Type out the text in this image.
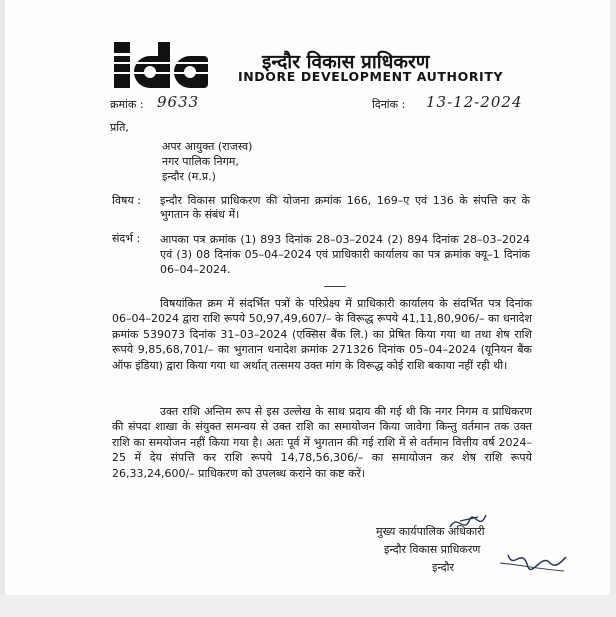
इन्दौर विकास प्राधिकरण
INDORE DEVELOPMENT AUTHORITY
क्रमांक : 9633	दिनांक : 13-12-2024
प्रति,
अपर आयुक्त (राजस्व)
नगर पालिक निगम,
इन्दौर (म.प्र.)
विषय : इन्दौर विकास प्राधिकरण की योजना क्रमांक 166, 169–ए एवं 136 के संपत्ति कर के भुगतान के संबंध में।
संदर्भ : आपका पत्र क्रमांक (1) 893 दिनांक 28–03–2024 (2) 894 दिनांक 28–03–2024 एवं (3) 08 दिनांक 05–04–2024 एवं प्राधिकारी कार्यालय का पत्र क्रमांक क्यू–1 दिनांक 06–04–2024.
विषयांकित क्रम में संदर्भित पत्रों के परिप्रेक्ष्य में प्राधिकारी कार्यालय के संदर्भित पत्र दिनांक 06–04–2024 द्वारा राशि रूपये 50,97,49,607/– के विरूद्ध रूपये 41,11,80,906/– का धनादेश क्रमांक 539073 दिनांक 31–03–2024 (एक्सिस बैंक लि.) का प्रेषित किया गया था तथा शेष राशि रूपये 9,85,68,701/– का भुगतान धनादेश क्रमांक 271326 दिनांक 05–04–2024 (यूनियन बैंक ऑफ इंडिया) द्वारा किया गया था अर्थात् तत्समय उक्त मांग के विरूद्ध कोई राशि बकाया नहीं रही थी।
उक्त राशि अन्तिम रूप से इस उल्लेख के साथ प्रदाय की गई थी कि नगर निगम व प्राधिकरण की संपदा शाखा के संयुक्त समन्वय से उक्त राशि का समायोजन किया जावेगा किन्तु वर्तमान तक उक्त राशि का समयोजन नहीं किया गया है। अतः पूर्व में भुगतान की गई राशि में से वर्तमान वित्तीय वर्ष 2024–25 में देय संपत्ति कर राशि रूपये 14,78,56,306/– का समायोजन कर शेष राशि रूपये 26,33,24,600/– प्राधिकरण को उपलब्ध कराने का कष्ट करें।
मुख्य कार्यपालिक अधिकारी
इन्दौर विकास प्राधिकरण
इन्दौर
